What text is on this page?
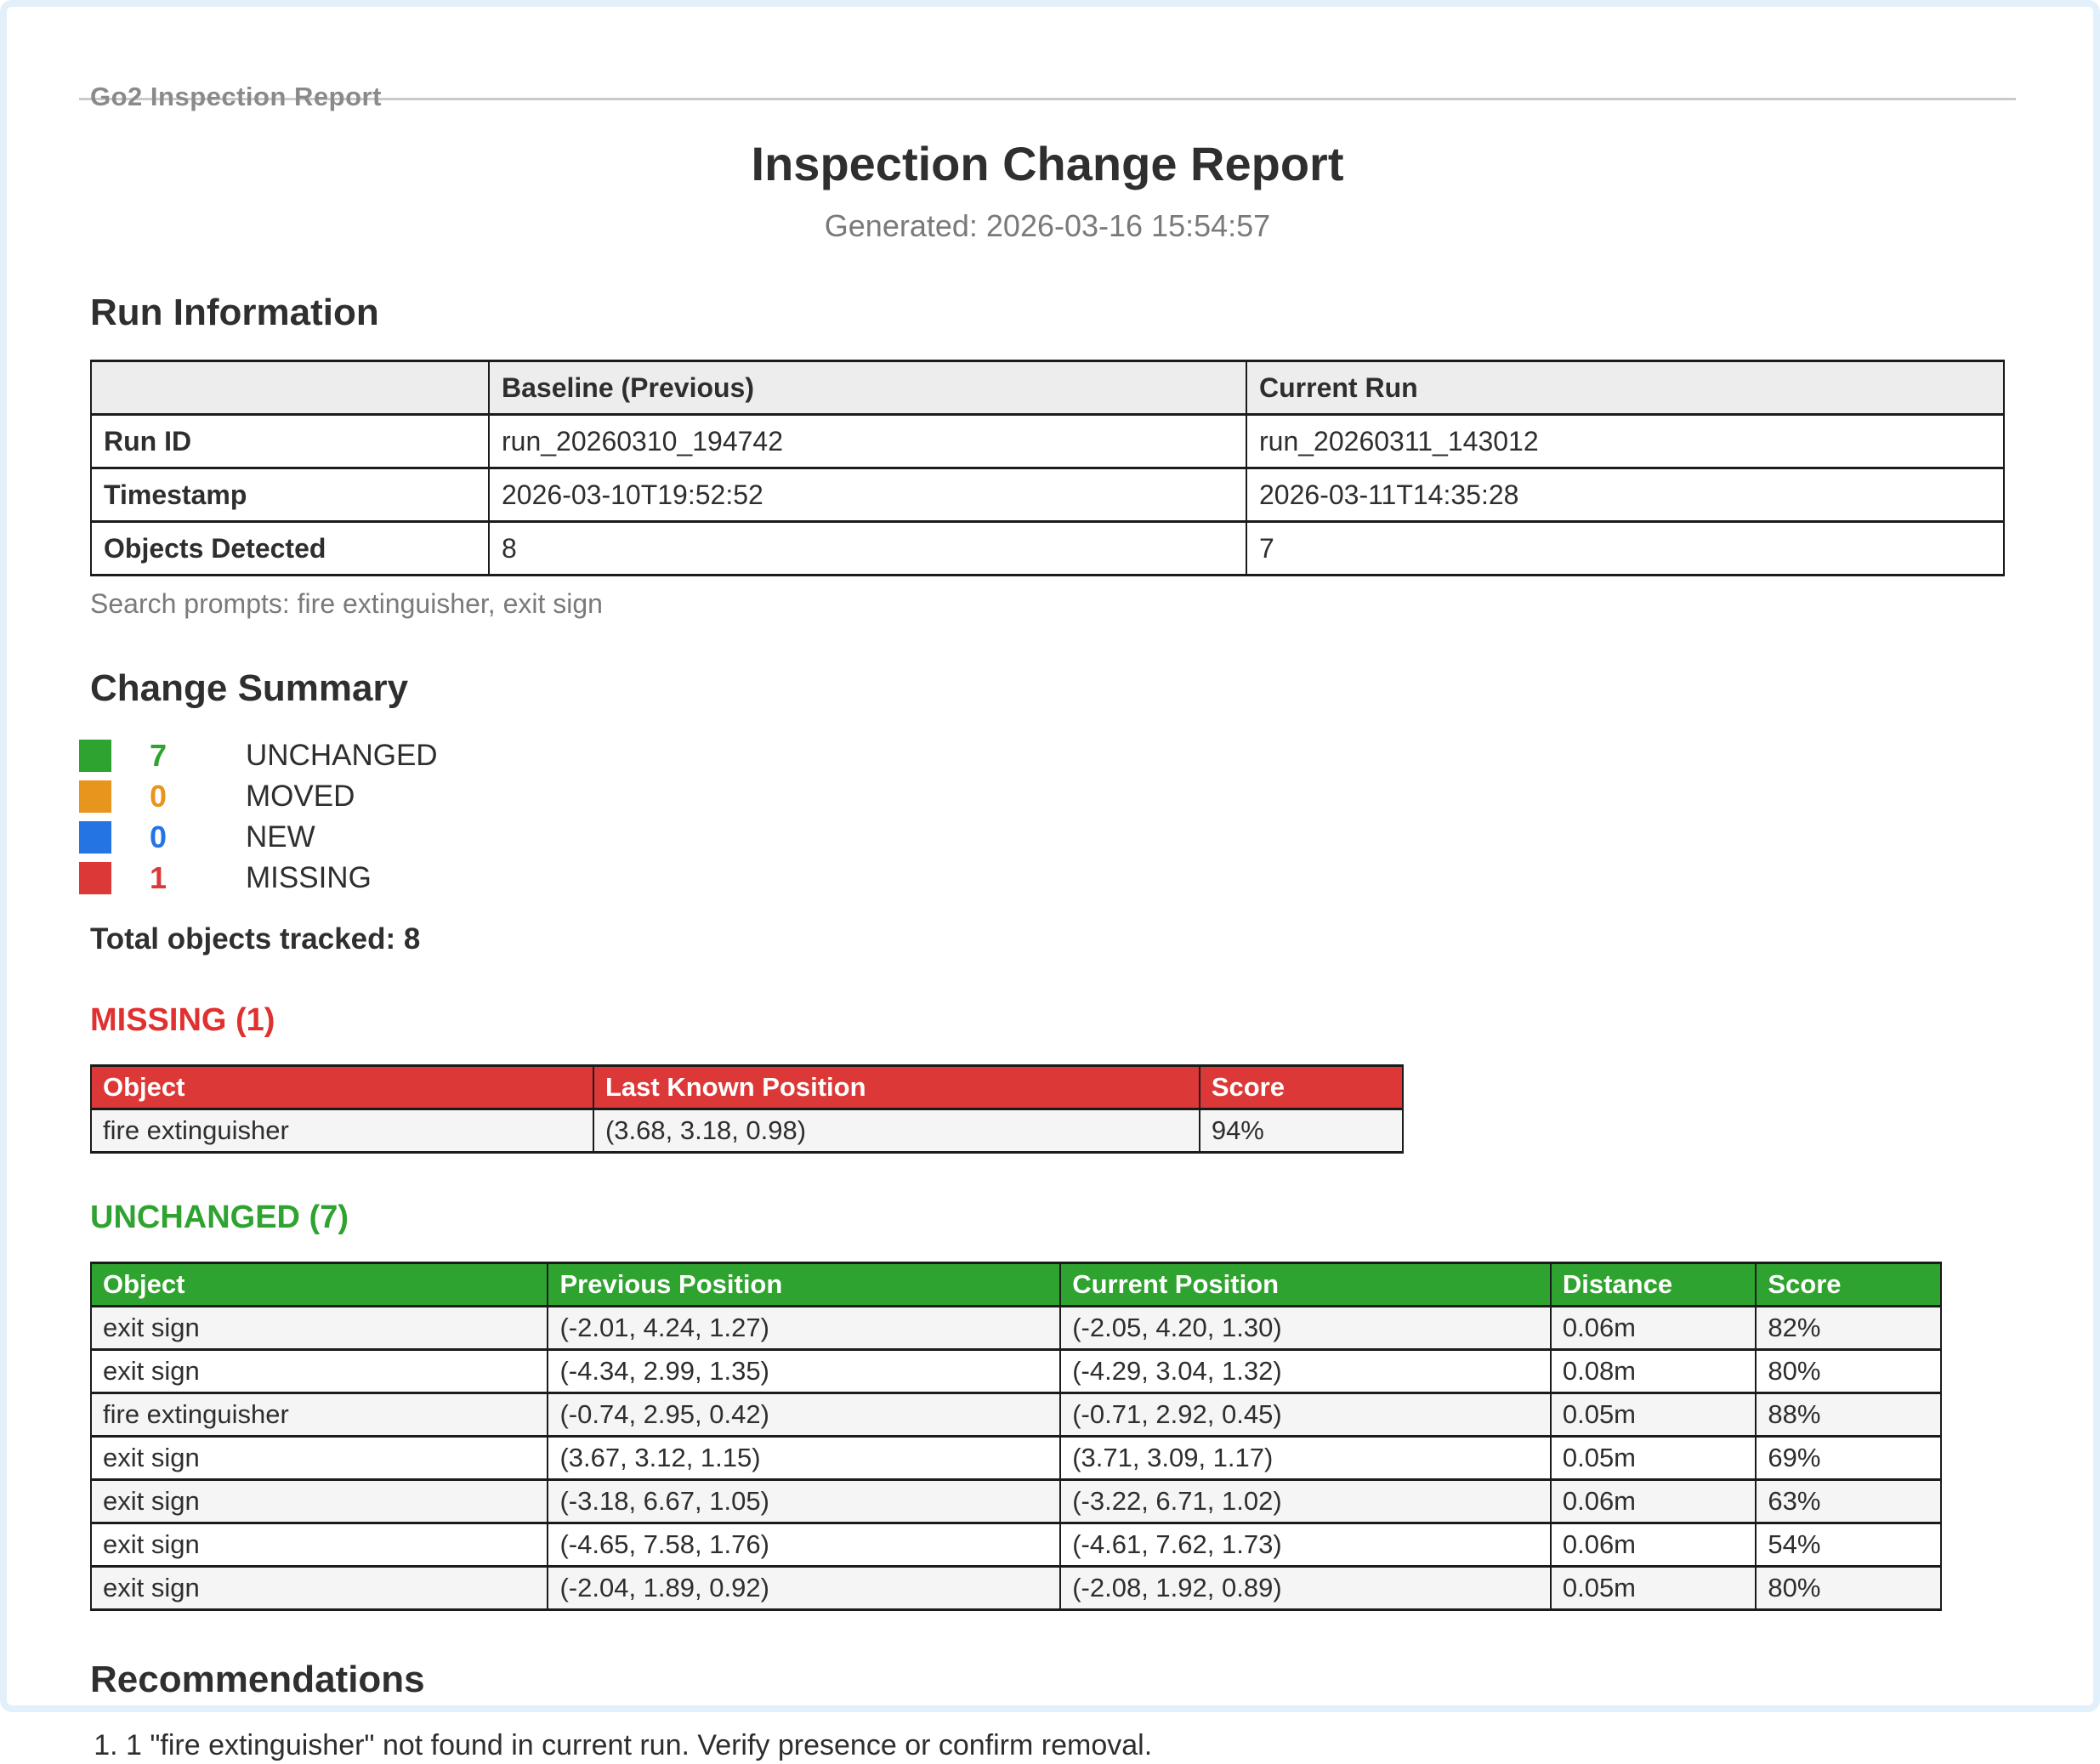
Go2 Inspection Report
Inspection Change Report
Generated: 2026-03-16 15:54:57
Run Information
	Baseline (Previous)	Current Run
Run ID	run_20260310_194742	run_20260311_143012
Timestamp	2026-03-10T19:52:52	2026-03-11T14:35:28
Objects Detected	8	7
Search prompts: fire extinguisher, exit sign
Change Summary
7	UNCHANGED
0	MOVED
0	NEW
1	MISSING
Total objects tracked: 8
MISSING (1)
Object	Last Known Position	Score
fire extinguisher	(3.68, 3.18, 0.98)	94%
UNCHANGED (7)
Object	Previous Position	Current Position	Distance	Score
exit sign	(-2.01, 4.24, 1.27)	(-2.05, 4.20, 1.30)	0.06m	82%
exit sign	(-4.34, 2.99, 1.35)	(-4.29, 3.04, 1.32)	0.08m	80%
fire extinguisher	(-0.74, 2.95, 0.42)	(-0.71, 2.92, 0.45)	0.05m	88%
exit sign	(3.67, 3.12, 1.15)	(3.71, 3.09, 1.17)	0.05m	69%
exit sign	(-3.18, 6.67, 1.05)	(-3.22, 6.71, 1.02)	0.06m	63%
exit sign	(-4.65, 7.58, 1.76)	(-4.61, 7.62, 1.73)	0.06m	54%
exit sign	(-2.04, 1.89, 0.92)	(-2.08, 1.92, 0.89)	0.05m	80%
Recommendations
1. 1 "fire extinguisher" not found in current run. Verify presence or confirm removal.
